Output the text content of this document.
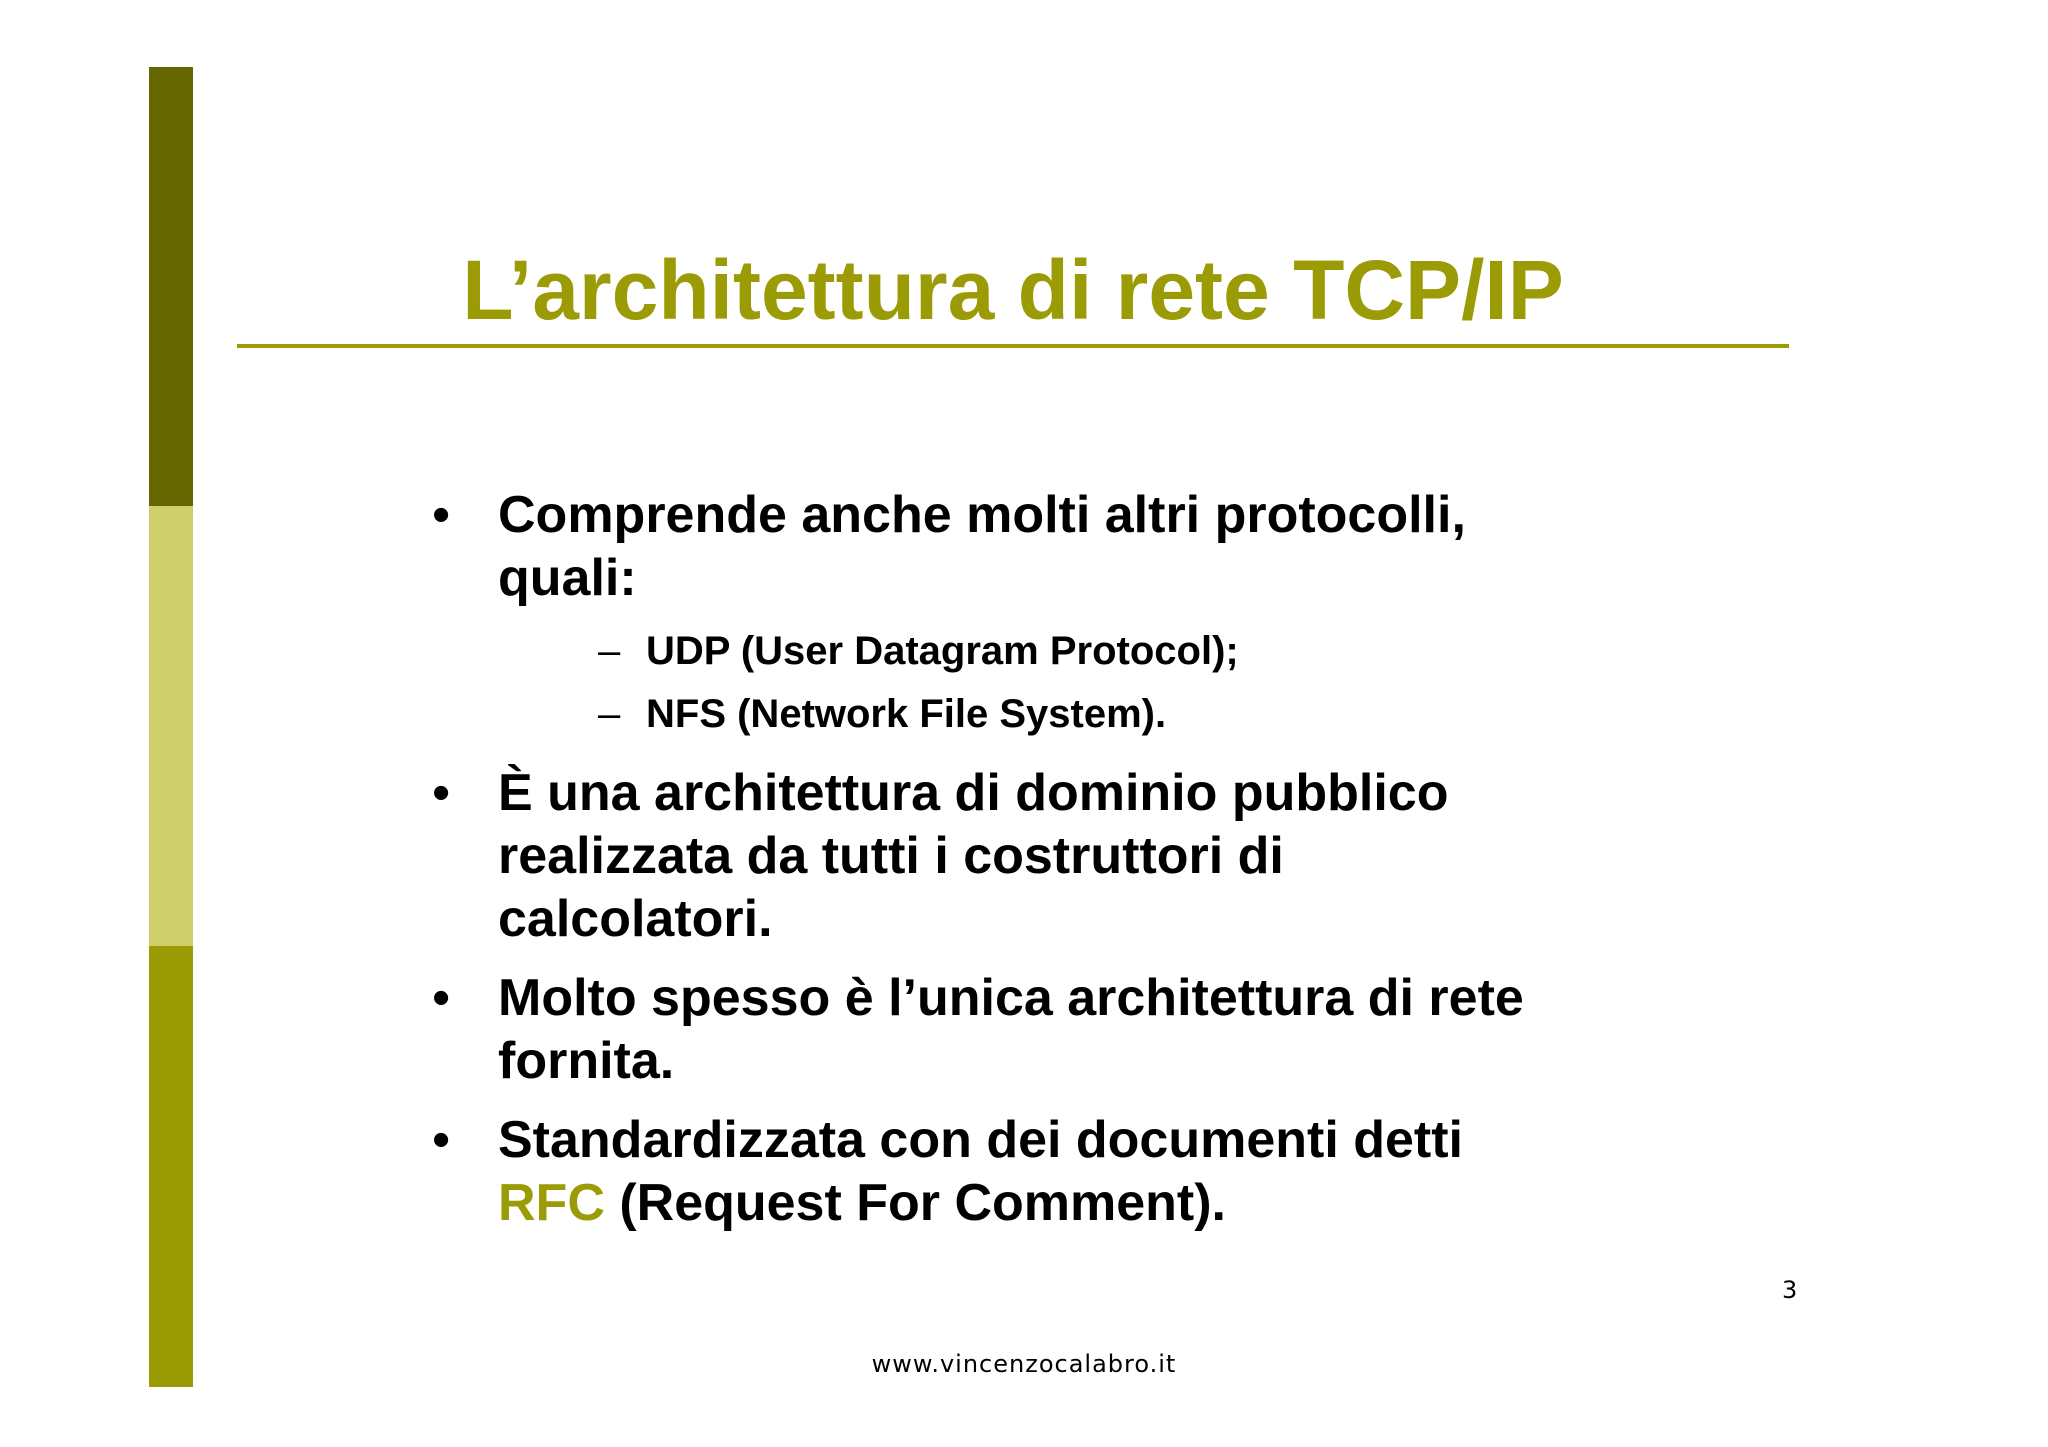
L’architettura di rete TCP/IP
• Comprende anche molti altri protocolli,
quali:
– UDP (User Datagram Protocol);
– NFS (Network File System).
• È una architettura di dominio pubblico
realizzata da tutti i costruttori di
calcolatori.
• Molto spesso è l’unica architettura di rete
fornita.
• Standardizzata con dei documenti detti
RFC (Request For Comment).
3
www.vincenzocalabro.it
